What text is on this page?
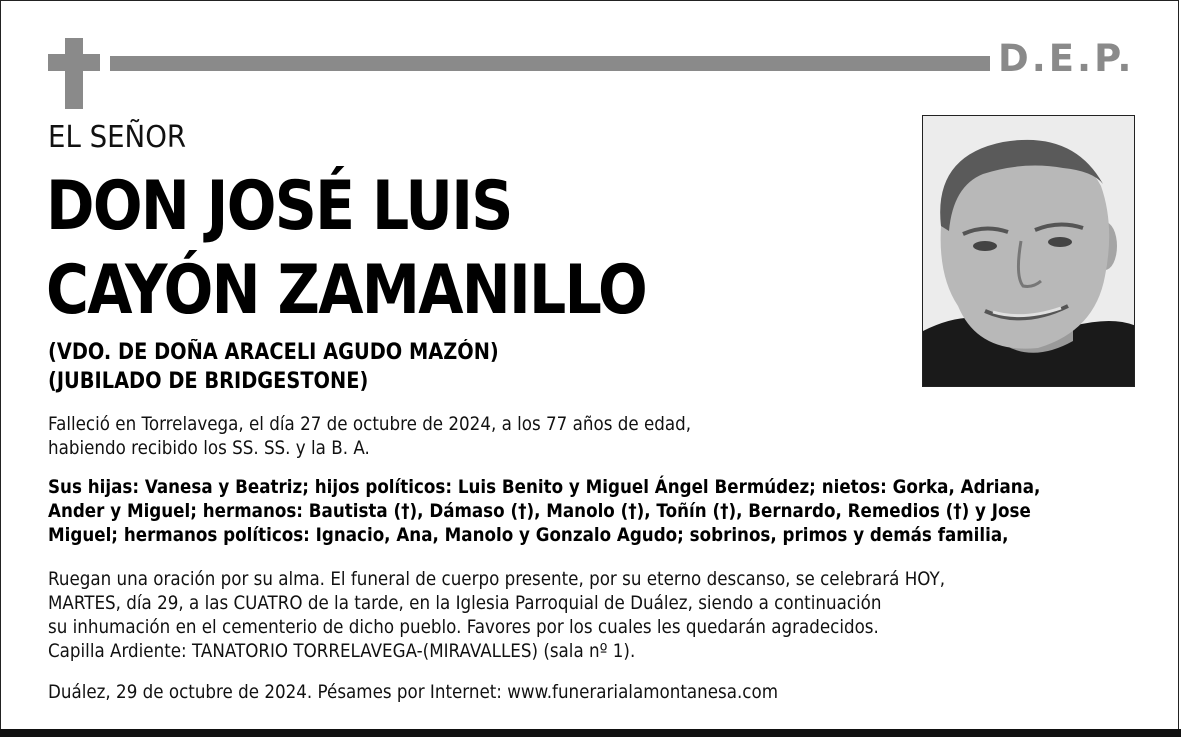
D.E.P.
EL SEÑOR
DON JOSÉ LUIS
CAYÓN ZAMANILLO
(VDO. DE DOÑA ARACELI AGUDO MAZÓN)
(JUBILADO DE BRIDGESTONE)
Falleció en Torrelavega, el día 27 de octubre de 2024, a los 77 años de edad,
habiendo recibido los SS. SS. y la B. A.
Sus hijas: Vanesa y Beatriz; hijos políticos: Luis Benito y Miguel Ángel Bermúdez; nietos: Gorka, Adriana,
Ander y Miguel; hermanos: Bautista (†), Dámaso (†), Manolo (†), Toñín (†), Bernardo, Remedios (†) y Jose
Miguel; hermanos políticos: Ignacio, Ana, Manolo y Gonzalo Agudo; sobrinos, primos y demás familia,
Ruegan una oración por su alma. El funeral de cuerpo presente, por su eterno descanso, se celebrará HOY,
MARTES, día 29, a las CUATRO de la tarde, en la Iglesia Parroquial de Duález, siendo a continuación
su inhumación en el cementerio de dicho pueblo. Favores por los cuales les quedarán agradecidos.
Capilla Ardiente: TANATORIO TORRELAVEGA-(MIRAVALLES) (sala nº 1).
Duález, 29 de octubre de 2024. Pésames por Internet: www.funerarialamontanesa.com
